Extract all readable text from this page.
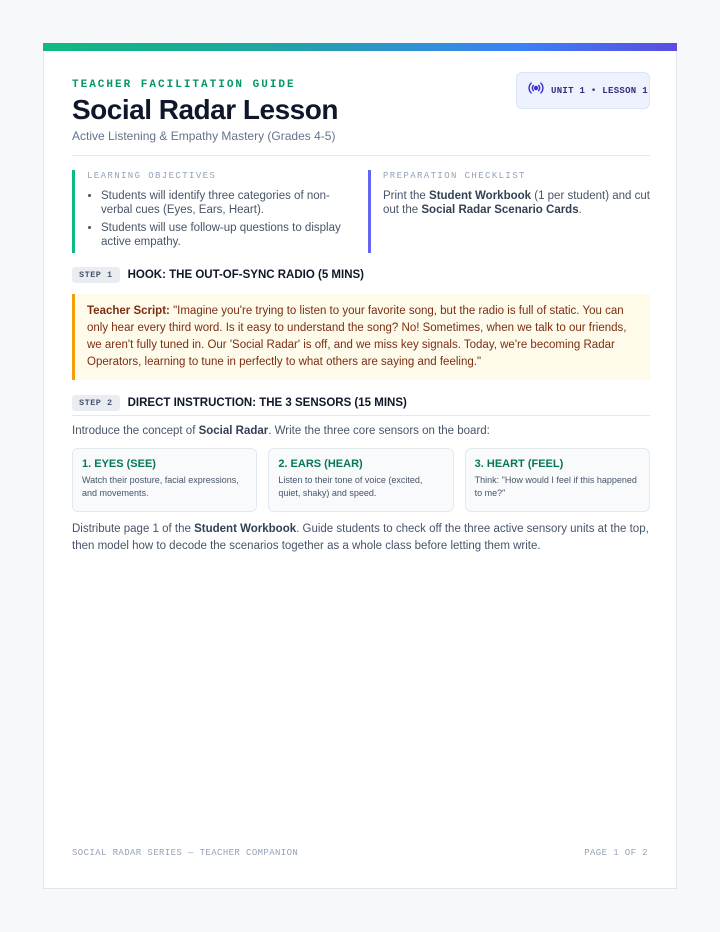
TEACHER FACILITATION GUIDE
Social Radar Lesson
Active Listening & Empathy Mastery (Grades 4-5)
UNIT 1 • LESSON 1
LEARNING OBJECTIVES
• Students will identify three categories of non-verbal cues (Eyes, Ears, Heart).
• Students will use follow-up questions to display active empathy.
PREPARATION CHECKLIST
Print the Student Workbook (1 per student) and cut out the Social Radar Scenario Cards.
STEP 1	HOOK: THE OUT-OF-SYNC RADIO (5 MINS)
Teacher Script: "Imagine you're trying to listen to your favorite song, but the radio is full of static. You can only hear every third word. Is it easy to understand the song? No! Sometimes, when we talk to our friends, we aren't fully tuned in. Our 'Social Radar' is off, and we miss key signals. Today, we're becoming Radar Operators, learning to tune in perfectly to what others are saying and feeling."
STEP 2	DIRECT INSTRUCTION: THE 3 SENSORS (15 MINS)
Introduce the concept of Social Radar. Write the three core sensors on the board:
1. EYES (SEE)
Watch their posture, facial expressions, and movements.
2. EARS (HEAR)
Listen to their tone of voice (excited, quiet, shaky) and speed.
3. HEART (FEEL)
Think: "How would I feel if this happened to me?"
Distribute page 1 of the Student Workbook. Guide students to check off the three active sensory units at the top, then model how to decode the scenarios together as a whole class before letting them write.
SOCIAL RADAR SERIES — TEACHER COMPANION	PAGE 1 OF 2
